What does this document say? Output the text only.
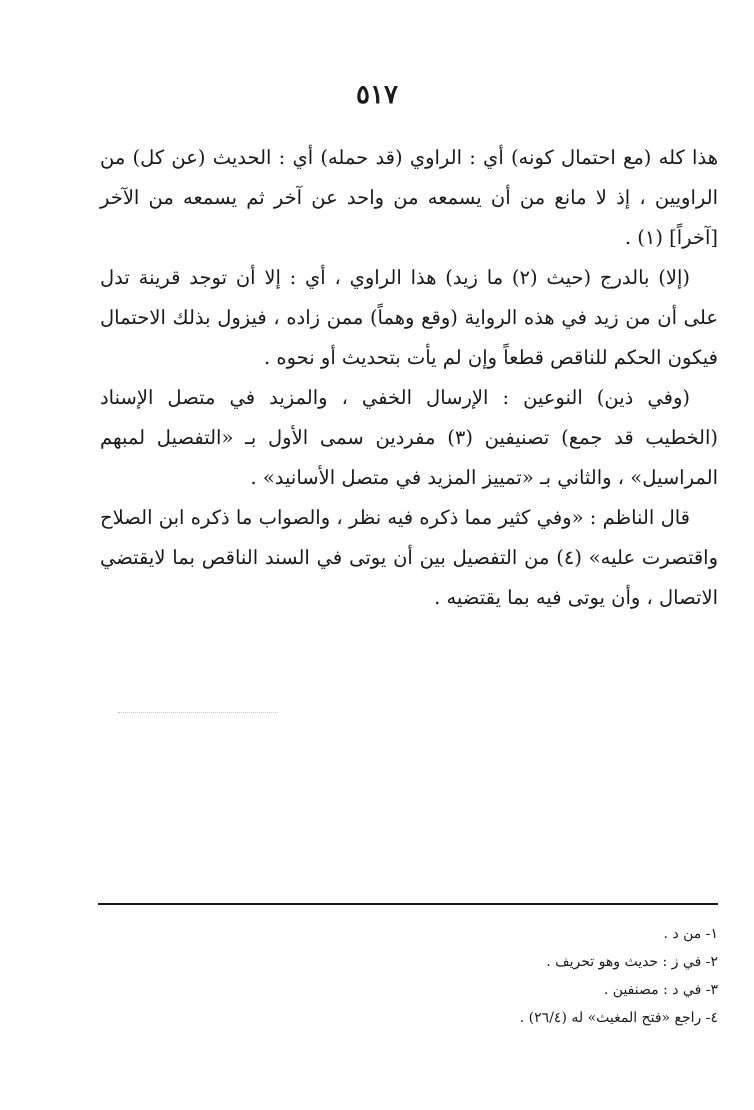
٥١٧

هذا كله (مع احتمال كونه) أي : الراوي (قد حمله) أي : الحديث (عن كل) من الراويين ، إذ لا مانع من أن يسمعه من واحد عن آخر ثم يسمعه من الآخر [آخراً] (١) .

(إلا) بالدرج (حيث (٢) ما زيد) هذا الراوي ، أي : إلا أن توجد قرينة تدل على أن من زيد في هذه الرواية (وقع وهماً) ممن زاده ، فيزول بذلك الاحتمال فيكون الحكم للناقص قطعاً وإن لم يأت بتحديث أو نحوه .

(وفي ذين) النوعين : الإرسال الخفي ، والمزيد في متصل الإسناد (الخطيب قد جمع) تصنيفين (٣) مفردين سمى الأول بـ «التفصيل لمبهم المراسيل» ، والثاني بـ «تمييز المزيد في متصل الأسانيد» .

قال الناظم : «وفي كثير مما ذكره فيه نظر ، والصواب ما ذكره ابن الصلاح واقتصرت عليه» (٤) من التفصيل بين أن يوتى في السند الناقص بما لايقتضي الاتصال ، وأن يوتى فيه بما يقتضيه .

١- من د .

٢- في ز : حديث وهو تحريف .

٣- في د : مصنفين .

٤- راجع «فتح المغيث» له (٢٦/٤) .
